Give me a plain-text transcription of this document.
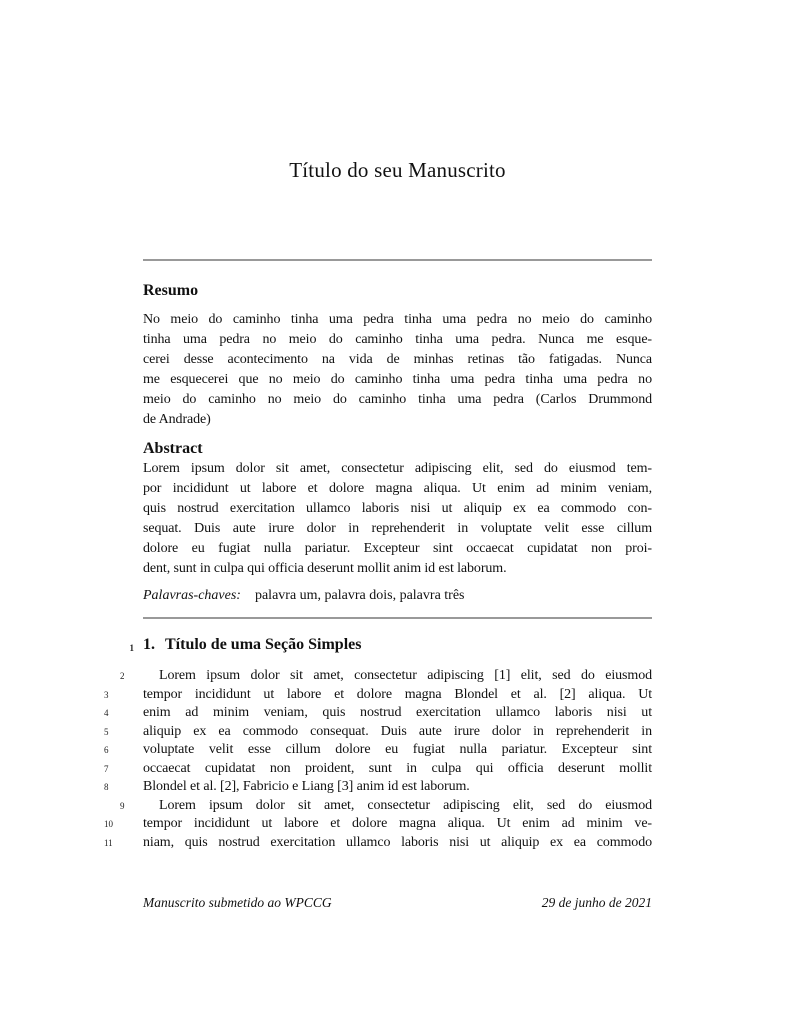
Título do seu Manuscrito
Resumo
No meio do caminho tinha uma pedra tinha uma pedra no meio do caminho
tinha uma pedra no meio do caminho tinha uma pedra. Nunca me esque-
cerei desse acontecimento na vida de minhas retinas tão fatigadas. Nunca
me esquecerei que no meio do caminho tinha uma pedra tinha uma pedra no
meio do caminho no meio do caminho tinha uma pedra (Carlos Drummond
de Andrade)
Abstract
Lorem ipsum dolor sit amet, consectetur adipiscing elit, sed do eiusmod tem-
por incididunt ut labore et dolore magna aliqua. Ut enim ad minim veniam,
quis nostrud exercitation ullamco laboris nisi ut aliquip ex ea commodo con-
sequat. Duis aute irure dolor in reprehenderit in voluptate velit esse cillum
dolore eu fugiat nulla pariatur. Excepteur sint occaecat cupidatat non proi-
dent, sunt in culpa qui officia deserunt mollit anim id est laborum.
Palavras-chaves: palavra um, palavra dois, palavra três
1 1. Título de uma Seção Simples
2	Lorem ipsum dolor sit amet, consectetur adipiscing [1] elit, sed do eiusmod
3	tempor incididunt ut labore et dolore magna Blondel et al. [2] aliqua. Ut
4	enim ad minim veniam, quis nostrud exercitation ullamco laboris nisi ut
5	aliquip ex ea commodo consequat. Duis aute irure dolor in reprehenderit in
6	voluptate velit esse cillum dolore eu fugiat nulla pariatur. Excepteur sint
7	occaecat cupidatat non proident, sunt in culpa qui officia deserunt mollit
8	Blondel et al. [2], Fabricio e Liang [3] anim id est laborum.
9	Lorem ipsum dolor sit amet, consectetur adipiscing elit, sed do eiusmod
10	tempor incididunt ut labore et dolore magna aliqua. Ut enim ad minim ve-
11	niam, quis nostrud exercitation ullamco laboris nisi ut aliquip ex ea commodo
Manuscrito submetido ao WPCCG	29 de junho de 2021
